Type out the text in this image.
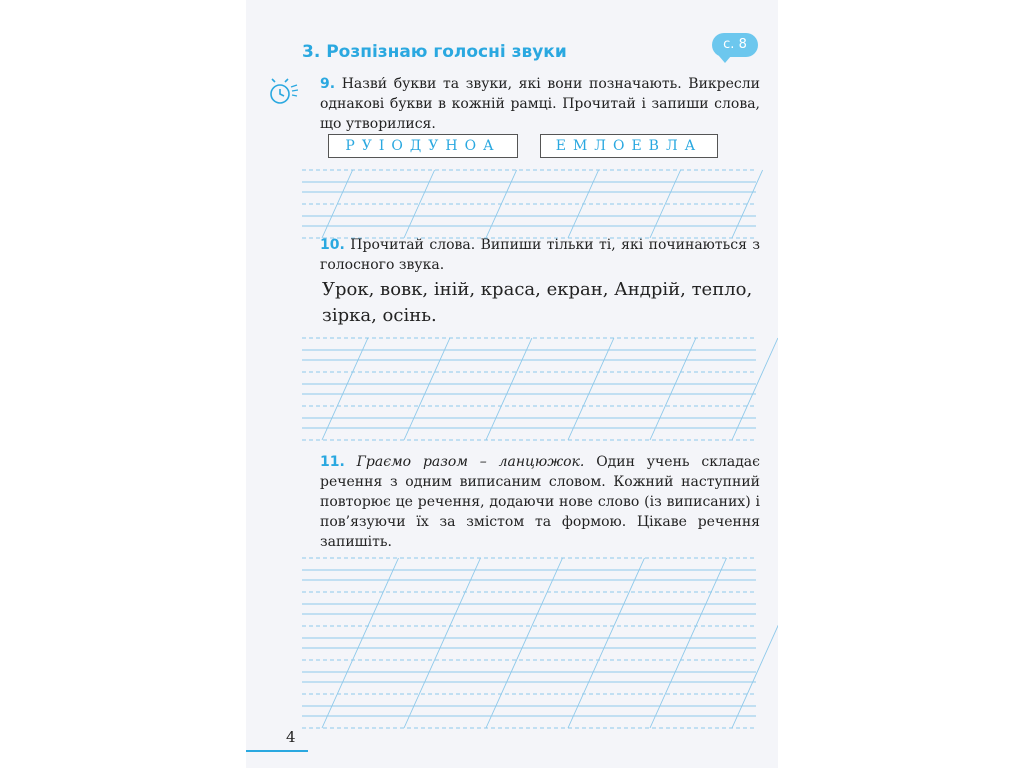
3. Розпізнаю голосні звуки	с. 8
9. Назви́ букви та звуки, які вони позначають. Викресли однакові букви в кожній рамці. Прочитай і запиши слова, що утворилися.
РУІОДУНОА	ЕМЛОЕВЛА
10. Прочитай слова. Випиши тільки ті, які починаються з голосного звука.
Урок, вовк, іній, краса, екран, Андрій, тепло, зірка, осінь.
11. Граємо разом – ланцюжок. Один учень складає речення з одним виписаним словом. Кожний наступний повторює це речення, додаючи нове слово (із виписаних) і пов’язуючи їх за змістом та формою. Цікаве речення запишіть.
4
